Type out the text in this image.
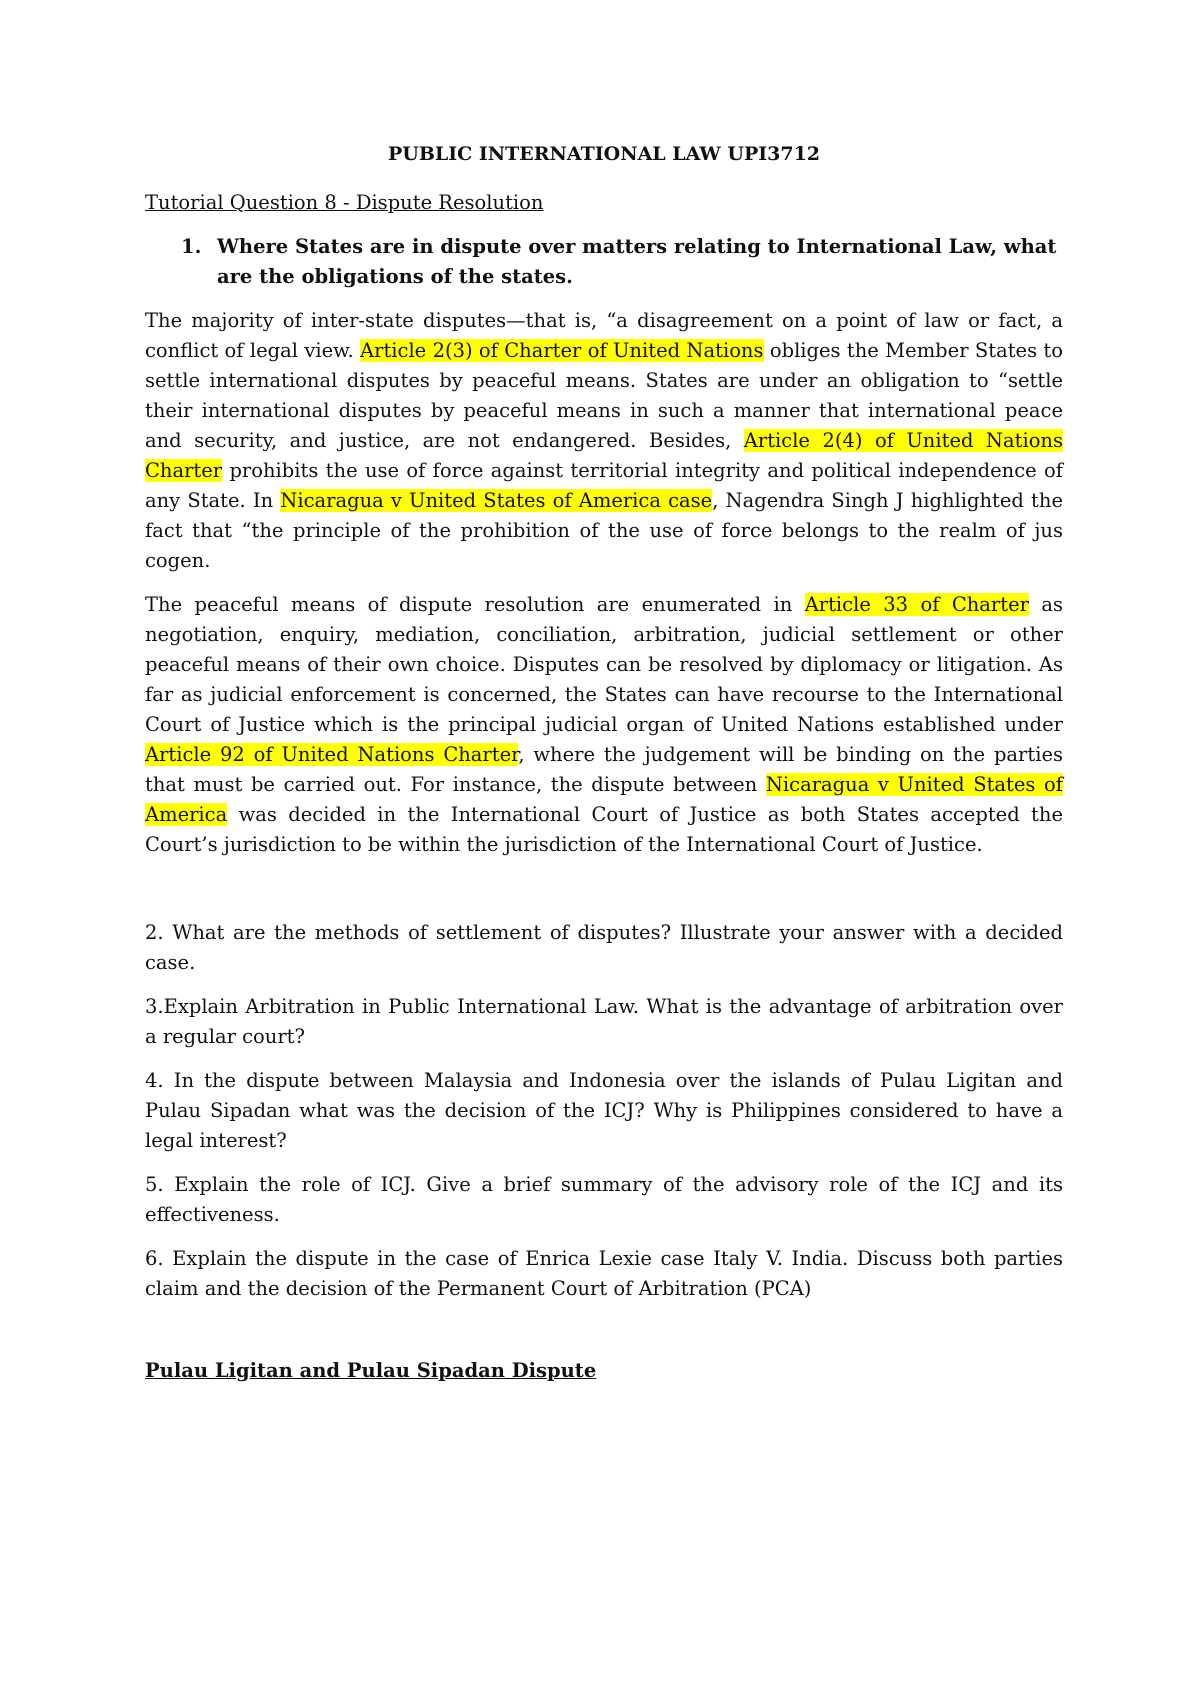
PUBLIC INTERNATIONAL LAW UPI3712
Tutorial Question 8 - Dispute Resolution
1. Where States are in dispute over matters relating to International Law, what are the obligations of the states.

The majority of inter-state disputes—that is, “a disagreement on a point of law or fact, a conflict of legal view. Article 2(3) of Charter of United Nations obliges the Member States to settle international disputes by peaceful means. States are under an obligation to “settle their international disputes by peaceful means in such a manner that international peace and security, and justice, are not endangered. Besides, Article 2(4) of United Nations Charter prohibits the use of force against territorial integrity and political independence of any State. In Nicaragua v United States of America case, Nagendra Singh J highlighted the fact that “the principle of the prohibition of the use of force belongs to the realm of jus cogen.

The peaceful means of dispute resolution are enumerated in Article 33 of Charter as negotiation, enquiry, mediation, conciliation, arbitration, judicial settlement or other peaceful means of their own choice. Disputes can be resolved by diplomacy or litigation. As far as judicial enforcement is concerned, the States can have recourse to the International Court of Justice which is the principal judicial organ of United Nations established under Article 92 of United Nations Charter, where the judgement will be binding on the parties that must be carried out. For instance, the dispute between Nicaragua v United States of America was decided in the International Court of Justice as both States accepted the Court’s jurisdiction to be within the jurisdiction of the International Court of Justice.

2. What are the methods of settlement of disputes? Illustrate your answer with a decided case.

3.Explain Arbitration in Public International Law. What is the advantage of arbitration over a regular court?

4. In the dispute between Malaysia and Indonesia over the islands of Pulau Ligitan and Pulau Sipadan what was the decision of the ICJ? Why is Philippines considered to have a legal interest?

5. Explain the role of ICJ. Give a brief summary of the advisory role of the ICJ and its effectiveness.

6. Explain the dispute in the case of Enrica Lexie case Italy V. India. Discuss both parties claim and the decision of the Permanent Court of Arbitration (PCA)

Pulau Ligitan and Pulau Sipadan Dispute
